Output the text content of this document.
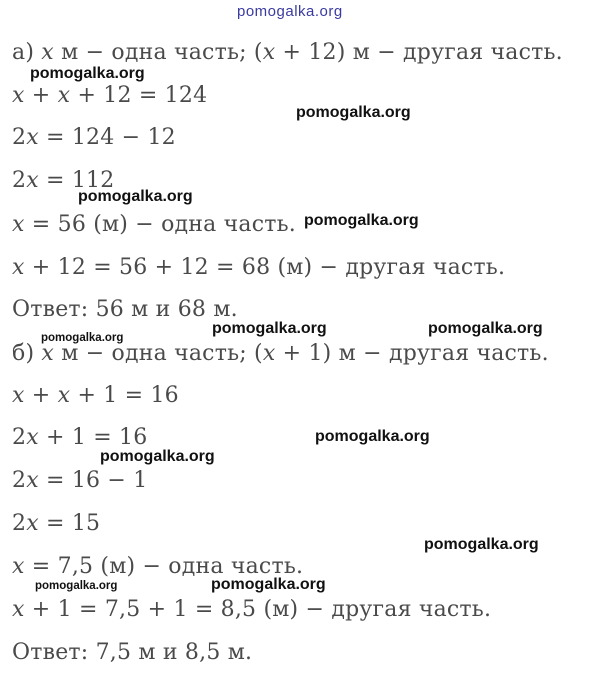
а) x м − одна часть; (x + 12) м − другая часть.
x + x + 12 = 124
2x = 124 − 12
2x = 112
x = 56 (м) − одна часть.
x + 12 = 56 + 12 = 68 (м) − другая часть.
Ответ: 56 м и 68 м.
б) x м − одна часть; (x + 1) м − другая часть.
x + x + 1 = 16
2x + 1 = 16
2x = 16 − 1
2x = 15
x = 7,5 (м) − одна часть.
x + 1 = 7,5 + 1 = 8,5 (м) − другая часть.
Ответ: 7,5 м и 8,5 м.
pomogalka.org
pomogalka.org
pomogalka.org
pomogalka.org
pomogalka.org
pomogalka.org
pomogalka.org	pomogalka.org
pomogalka.org
pomogalka.org
pomogalka.org
pomogalka.org	pomogalka.org
